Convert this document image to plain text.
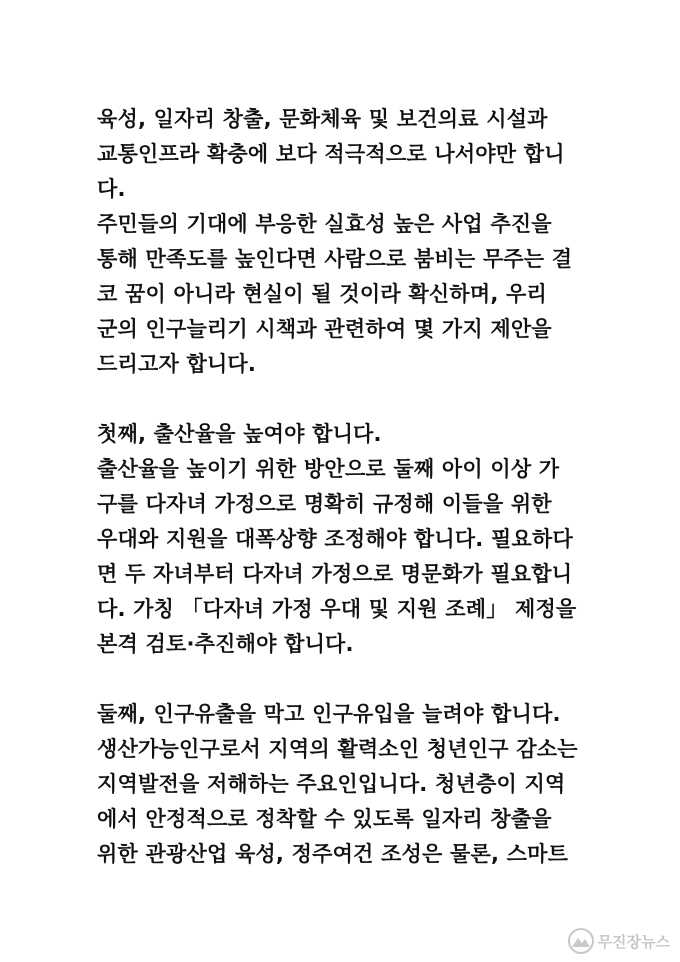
육성, 일자리 창출, 문화체육 및 보건의료 시설과
교통인프라 확충에 보다 적극적으로 나서야만 합니
다.
주민들의 기대에 부응한 실효성 높은 사업 추진을
통해 만족도를 높인다면 사람으로 붐비는 무주는 결
코 꿈이 아니라 현실이 될 것이라 확신하며, 우리
군의 인구늘리기 시책과 관련하여 몇 가지 제안을
드리고자 합니다.
첫째, 출산율을 높여야 합니다.
출산율을 높이기 위한 방안으로 둘째 아이 이상 가
구를 다자녀 가정으로 명확히 규정해 이들을 위한
우대와 지원을 대폭상향 조정해야 합니다. 필요하다
면 두 자녀부터 다자녀 가정으로 명문화가 필요합니
다. 가칭 「다자녀 가정 우대 및 지원 조례」 제정을
본격 검토·추진해야 합니다.
둘째, 인구유출을 막고 인구유입을 늘려야 합니다.
생산가능인구로서 지역의 활력소인 청년인구 감소는
지역발전을 저해하는 주요인입니다. 청년층이 지역
에서 안정적으로 정착할 수 있도록 일자리 창출을
위한 관광산업 육성, 정주여건 조성은 물론, 스마트
무진장뉴스
